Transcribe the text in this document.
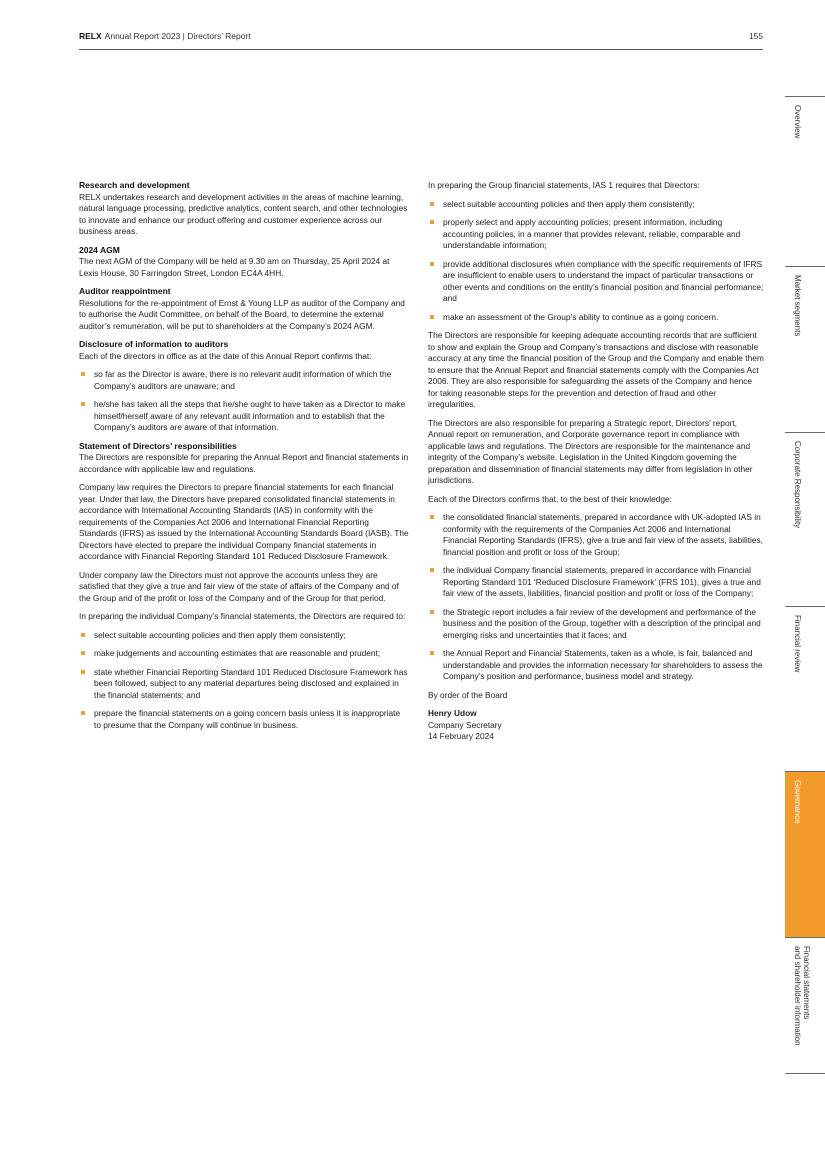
RELX Annual Report 2023 | Directors’ Report	155
Overview
Market segments
Corporate Responsibility
Financial review
Governance
Financial statements
and shareholder information
Research and development

RELX undertakes research and development activities in the areas of machine learning, natural language processing, predictive analytics, content search, and other technologies to innovate and enhance our product offering and customer experience across our business areas.

2024 AGM

The next AGM of the Company will be held at 9.30 am on Thursday, 25 April 2024 at Lexis House, 30 Farringdon Street, London EC4A 4HH.

Auditor reappointment

Resolutions for the re-appointment of Ernst & Young LLP as auditor of the Company and to authorise the Audit Committee, on behalf of the Board, to determine the external auditor’s remuneration, will be put to shareholders at the Company’s 2024 AGM.

Disclosure of information to auditors

Each of the directors in office as at the date of this Annual Report confirms that:

so far as the Director is aware, there is no relevant audit information of which the Company’s auditors are unaware; and
he/she has taken all the steps that he/she ought to have taken as a Director to make himself/herself aware of any relevant audit information and to establish that the Company’s auditors are aware of that information.
Statement of Directors’ responsibilities

The Directors are responsible for preparing the Annual Report and financial statements in accordance with applicable law and regulations.

Company law requires the Directors to prepare financial statements for each financial year. Under that law, the Directors have prepared consolidated financial statements in accordance with International Accounting Standards (IAS) in conformity with the requirements of the Companies Act 2006 and International Financial Reporting Standards (IFRS) as issued by the International Accounting Standards Board (IASB). The Directors have elected to prepare the individual Company financial statements in accordance with Financial Reporting Standard 101 Reduced Disclosure Framework.

Under company law the Directors must not approve the accounts unless they are satisfied that they give a true and fair view of the state of affairs of the Company and of the Group and of the profit or loss of the Company and of the Group for that period.

In preparing the individual Company’s financial statements, the Directors are required to:

select suitable accounting policies and then apply them consistently;
make judgements and accounting estimates that are reasonable and prudent;
state whether Financial Reporting Standard 101 Reduced Disclosure Framework has been followed, subject to any material departures being disclosed and explained in the financial statements; and
prepare the financial statements on a going concern basis unless it is inappropriate to presume that the Company will continue in business.

In preparing the Group financial statements, IAS 1 requires that Directors:

select suitable accounting policies and then apply them consistently;
properly select and apply accounting policies; present information, including accounting policies, in a manner that provides relevant, reliable, comparable and understandable information;
provide additional disclosures when compliance with the specific requirements of IFRS are insufficient to enable users to understand the impact of particular transactions or other events and conditions on the entity’s financial position and financial performance; and
make an assessment of the Group’s ability to continue as a going concern.

The Directors are responsible for keeping adequate accounting records that are sufficient to show and explain the Group and Company’s transactions and disclose with reasonable accuracy at any time the financial position of the Group and the Company and enable them to ensure that the Annual Report and financial statements comply with the Companies Act 2006. They are also responsible for safeguarding the assets of the Company and hence for taking reasonable steps for the prevention and detection of fraud and other irregularities.

The Directors are also responsible for preparing a Strategic report, Directors’ report, Annual report on remuneration, and Corporate governance report in compliance with applicable laws and regulations. The Directors are responsible for the maintenance and integrity of the Company’s website. Legislation in the United Kingdom governing the preparation and dissemination of financial statements may differ from legislation in other jurisdictions.

Each of the Directors confirms that, to the best of their knowledge:

the consolidated financial statements, prepared in accordance with UK-adopted IAS in conformity with the requirements of the Companies Act 2006 and International Financial Reporting Standards (IFRS), give a true and fair view of the assets, liabilities, financial position and profit or loss of the Group;
the individual Company financial statements, prepared in accordance with Financial Reporting Standard 101 ‘Reduced Disclosure Framework’ (FRS 101), gives a true and fair view of the assets, liabilities, financial position and profit or loss of the Company;
the Strategic report includes a fair review of the development and performance of the business and the position of the Group, together with a description of the principal and emerging risks and uncertainties that it faces; and
the Annual Report and Financial Statements, taken as a whole, is fair, balanced and understandable and provides the information necessary for shareholders to assess the Company’s position and performance, business model and strategy.

By order of the Board

Henry Udow
Company Secretary
14 February 2024
